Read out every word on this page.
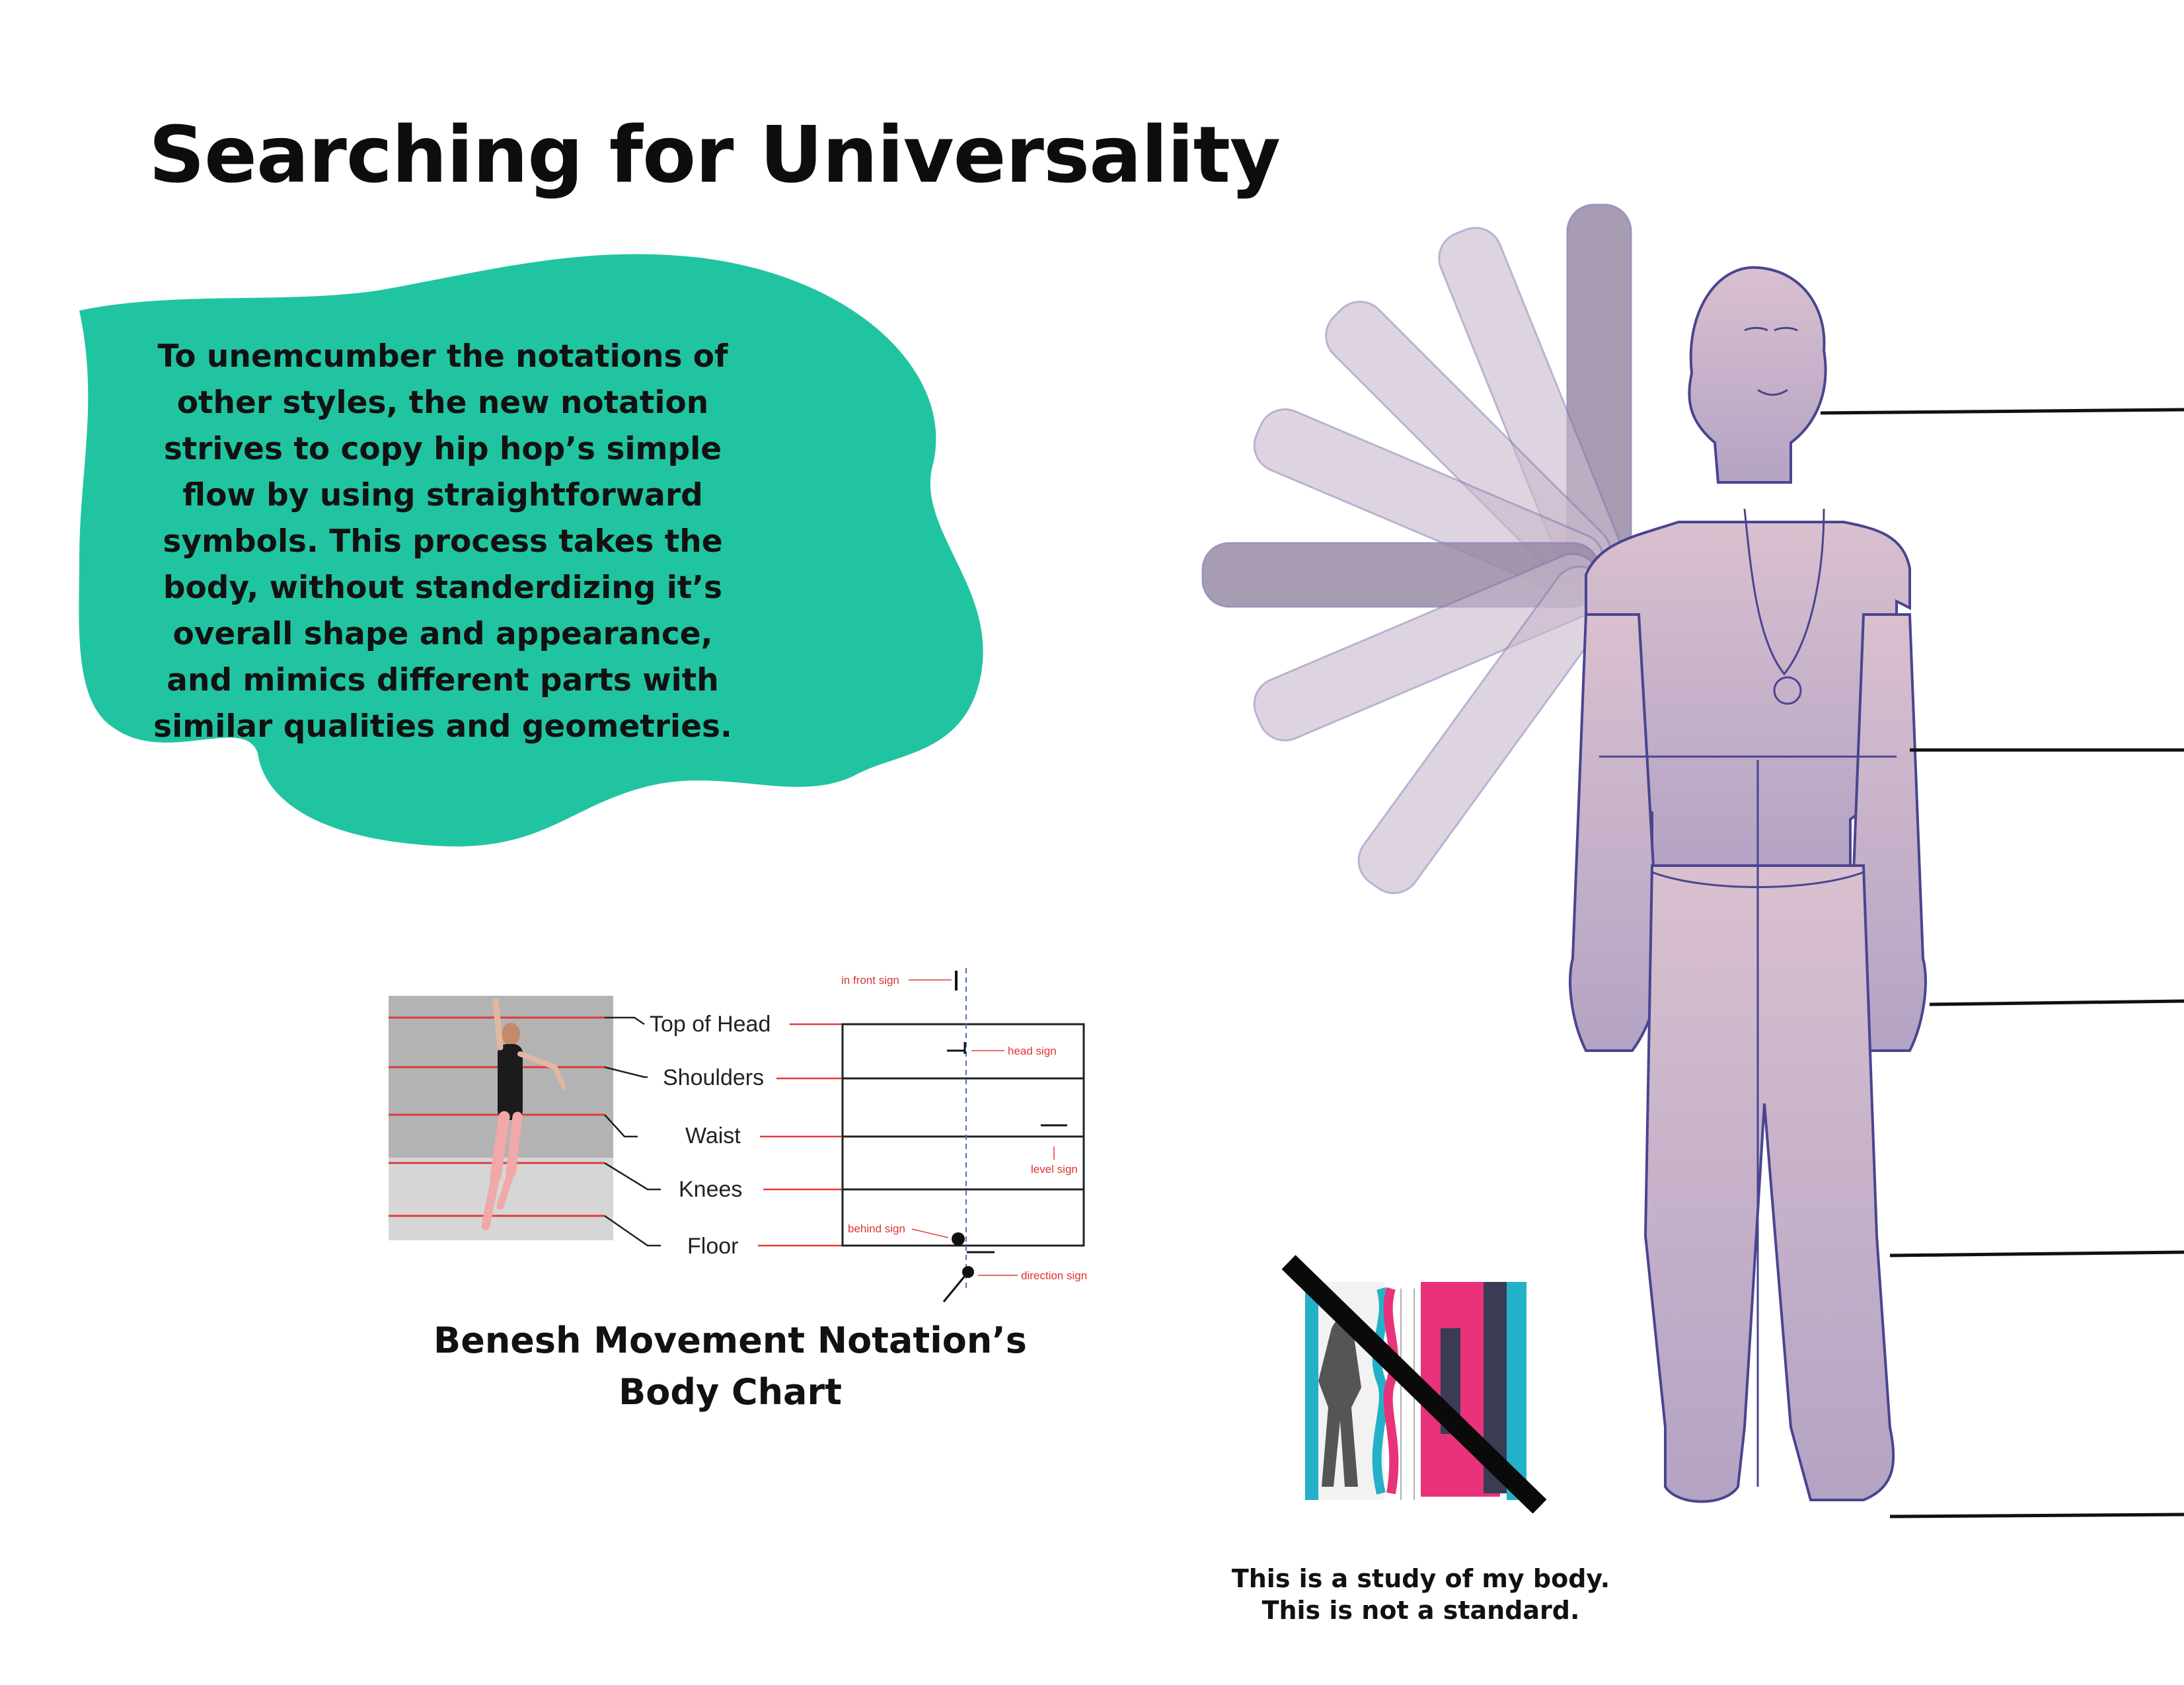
Searching for Universality

To unemcumber the notations of other styles, the new notation strives to copy hip hop’s simple flow by using straightforward symbols. This process takes the body, without standerdizing it’s overall shape and appearance, and mimics different parts with similar qualities and geometries.

Top of Head
Shoulders
Waist
Knees
Floor
in front sign
head sign
level sign
behind sign
direction sign

Benesh Movement Notation’s
Body Chart

This is a study of my body.
This is not a standard.
